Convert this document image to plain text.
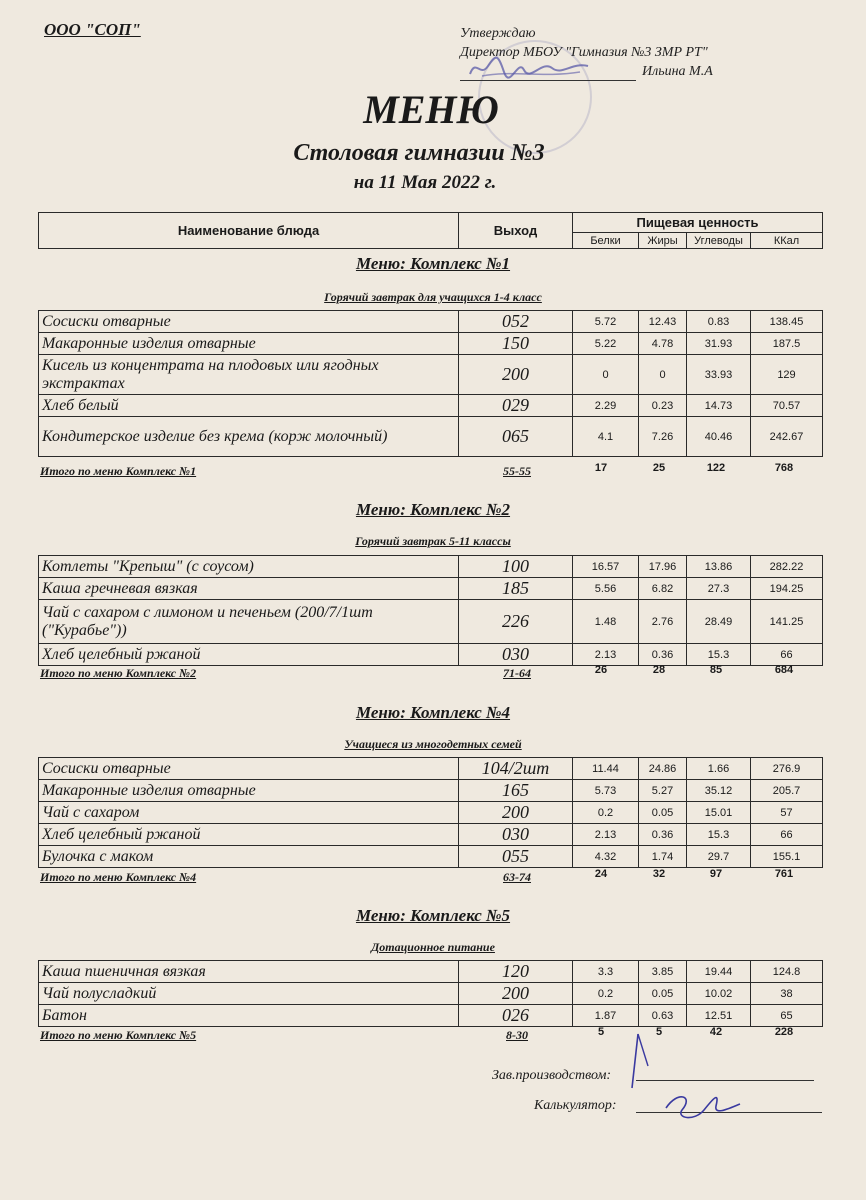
ООО "СОП"	Утверждаю
Директор МБОУ "Гимназия №3 ЗМР РТ"
Ильина М.А
МЕНЮ
Столовая гимназии №3
на 11 Мая 2022 г.
Наименование блюда	Выход	Пищевая ценность			
		Белки	Жиры	Углеводы	ККал
Меню: Комплекс №1
Горячий завтрак для учащихся 1-4 класс
Сосиски отварные	052	5.72	12.43	0.83	138.45
Макаронные изделия отварные	150	5.22	4.78	31.93	187.5
Кисель из концентрата на плодовых или ягодных экстрактах	200	0	0	33.93	129
Хлеб белый	029	2.29	0.23	14.73	70.57
Кондитерское изделие без крема (корж молочный)	065	4.1	7.26	40.46	242.67
Итого по меню Комплекс №1	55-55	17	25	122	768
Меню: Комплекс №2
Горячий завтрак 5-11 классы
Котлеты "Крепыш" (с соусом)	100	16.57	17.96	13.86	282.22
Каша гречневая вязкая	185	5.56	6.82	27.3	194.25
Чай с сахаром с лимоном и печеньем (200/7/1шт ("Курабье"))	226	1.48	2.76	28.49	141.25
Хлеб целебный ржаной	030	2.13	0.36	15.3	66
Итого по меню Комплекс №2	71-64	26	28	85	684
Меню: Комплекс №4
Учащиеся из многодетных семей
Сосиски отварные	104/2шт	11.44	24.86	1.66	276.9
Макаронные изделия отварные	165	5.73	5.27	35.12	205.7
Чай с сахаром	200	0.2	0.05	15.01	57
Хлеб целебный ржаной	030	2.13	0.36	15.3	66
Булочка с маком	055	4.32	1.74	29.7	155.1
Итого по меню Комплекс №4	63-74	24	32	97	761
Меню: Комплекс №5
Дотационное питание
Каша пшеничная вязкая	120	3.3	3.85	19.44	124.8
Чай полусладкий	200	0.2	0.05	10.02	38
Батон	026	1.87	0.63	12.51	65
Итого по меню Комплекс №5	8-30	5	5	42	228
Зав.производством:
Калькулятор:
